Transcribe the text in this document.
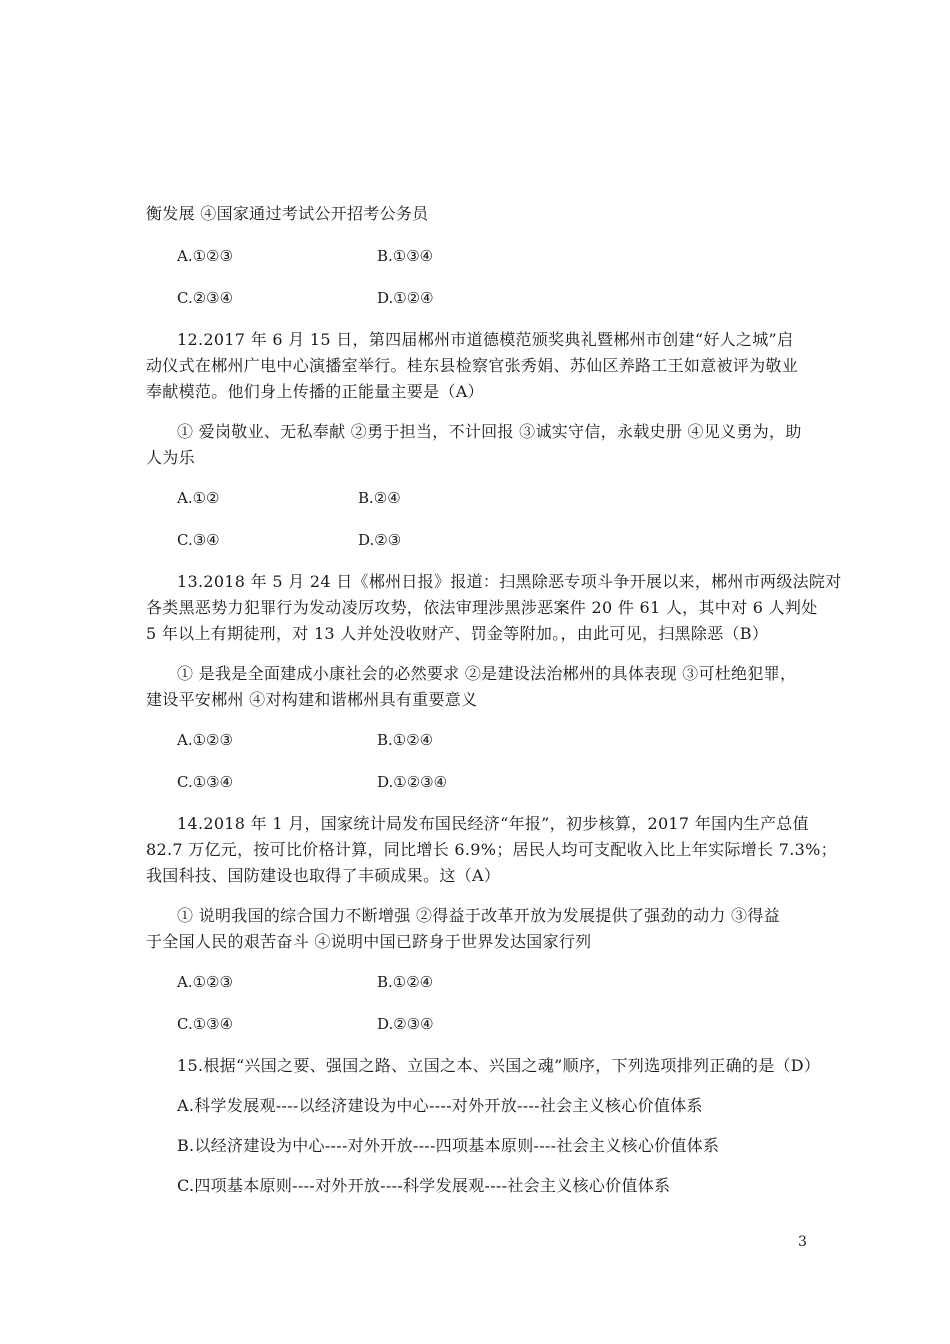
衡发展 ④国家通过考试公开招考公务员
A.①②③	B.①③④
C.②③④	D.①②④
12.2017 年 6 月 15 日，第四届郴州市道德模范颁奖典礼暨郴州市创建“好人之城”启
动仪式在郴州广电中心演播室举行。桂东县检察官张秀娟、苏仙区养路工王如意被评为敬业
奉献模范。他们身上传播的正能量主要是（A）
① 爱岗敬业、无私奉献 ②勇于担当，不计回报 ③诚实守信，永载史册 ④见义勇为，助
人为乐
A.①②	B.②④
C.③④	D.②③
13.2018 年 5 月 24 日《郴州日报》报道：扫黑除恶专项斗争开展以来，郴州市两级法院对
各类黑恶势力犯罪行为发动凌厉攻势，依法审理涉黑涉恶案件 20 件 61 人，其中对 6 人判处
5 年以上有期徒刑，对 13 人并处没收财产、罚金等附加。，由此可见，扫黑除恶（B）
① 是我是全面建成小康社会的必然要求 ②是建设法治郴州的具体表现 ③可杜绝犯罪，
建设平安郴州 ④对构建和谐郴州具有重要意义
A.①②③	B.①②④
C.①③④	D.①②③④
14.2018 年 1 月，国家统计局发布国民经济“年报”，初步核算，2017 年国内生产总值
82.7 万亿元，按可比价格计算，同比增长 6.9%；居民人均可支配收入比上年实际增长 7.3%；
我国科技、国防建设也取得了丰硕成果。这（A）
① 说明我国的综合国力不断增强 ②得益于改革开放为发展提供了强劲的动力 ③得益
于全国人民的艰苦奋斗 ④说明中国已跻身于世界发达国家行列
A.①②③	B.①②④
C.①③④	D.②③④
15.根据“兴国之要、强国之路、立国之本、兴国之魂”顺序，下列选项排列正确的是（D）
A.科学发展观----以经济建设为中心----对外开放----社会主义核心价值体系
B.以经济建设为中心----对外开放----四项基本原则----社会主义核心价值体系
C.四项基本原则----对外开放----科学发展观----社会主义核心价值体系
3
